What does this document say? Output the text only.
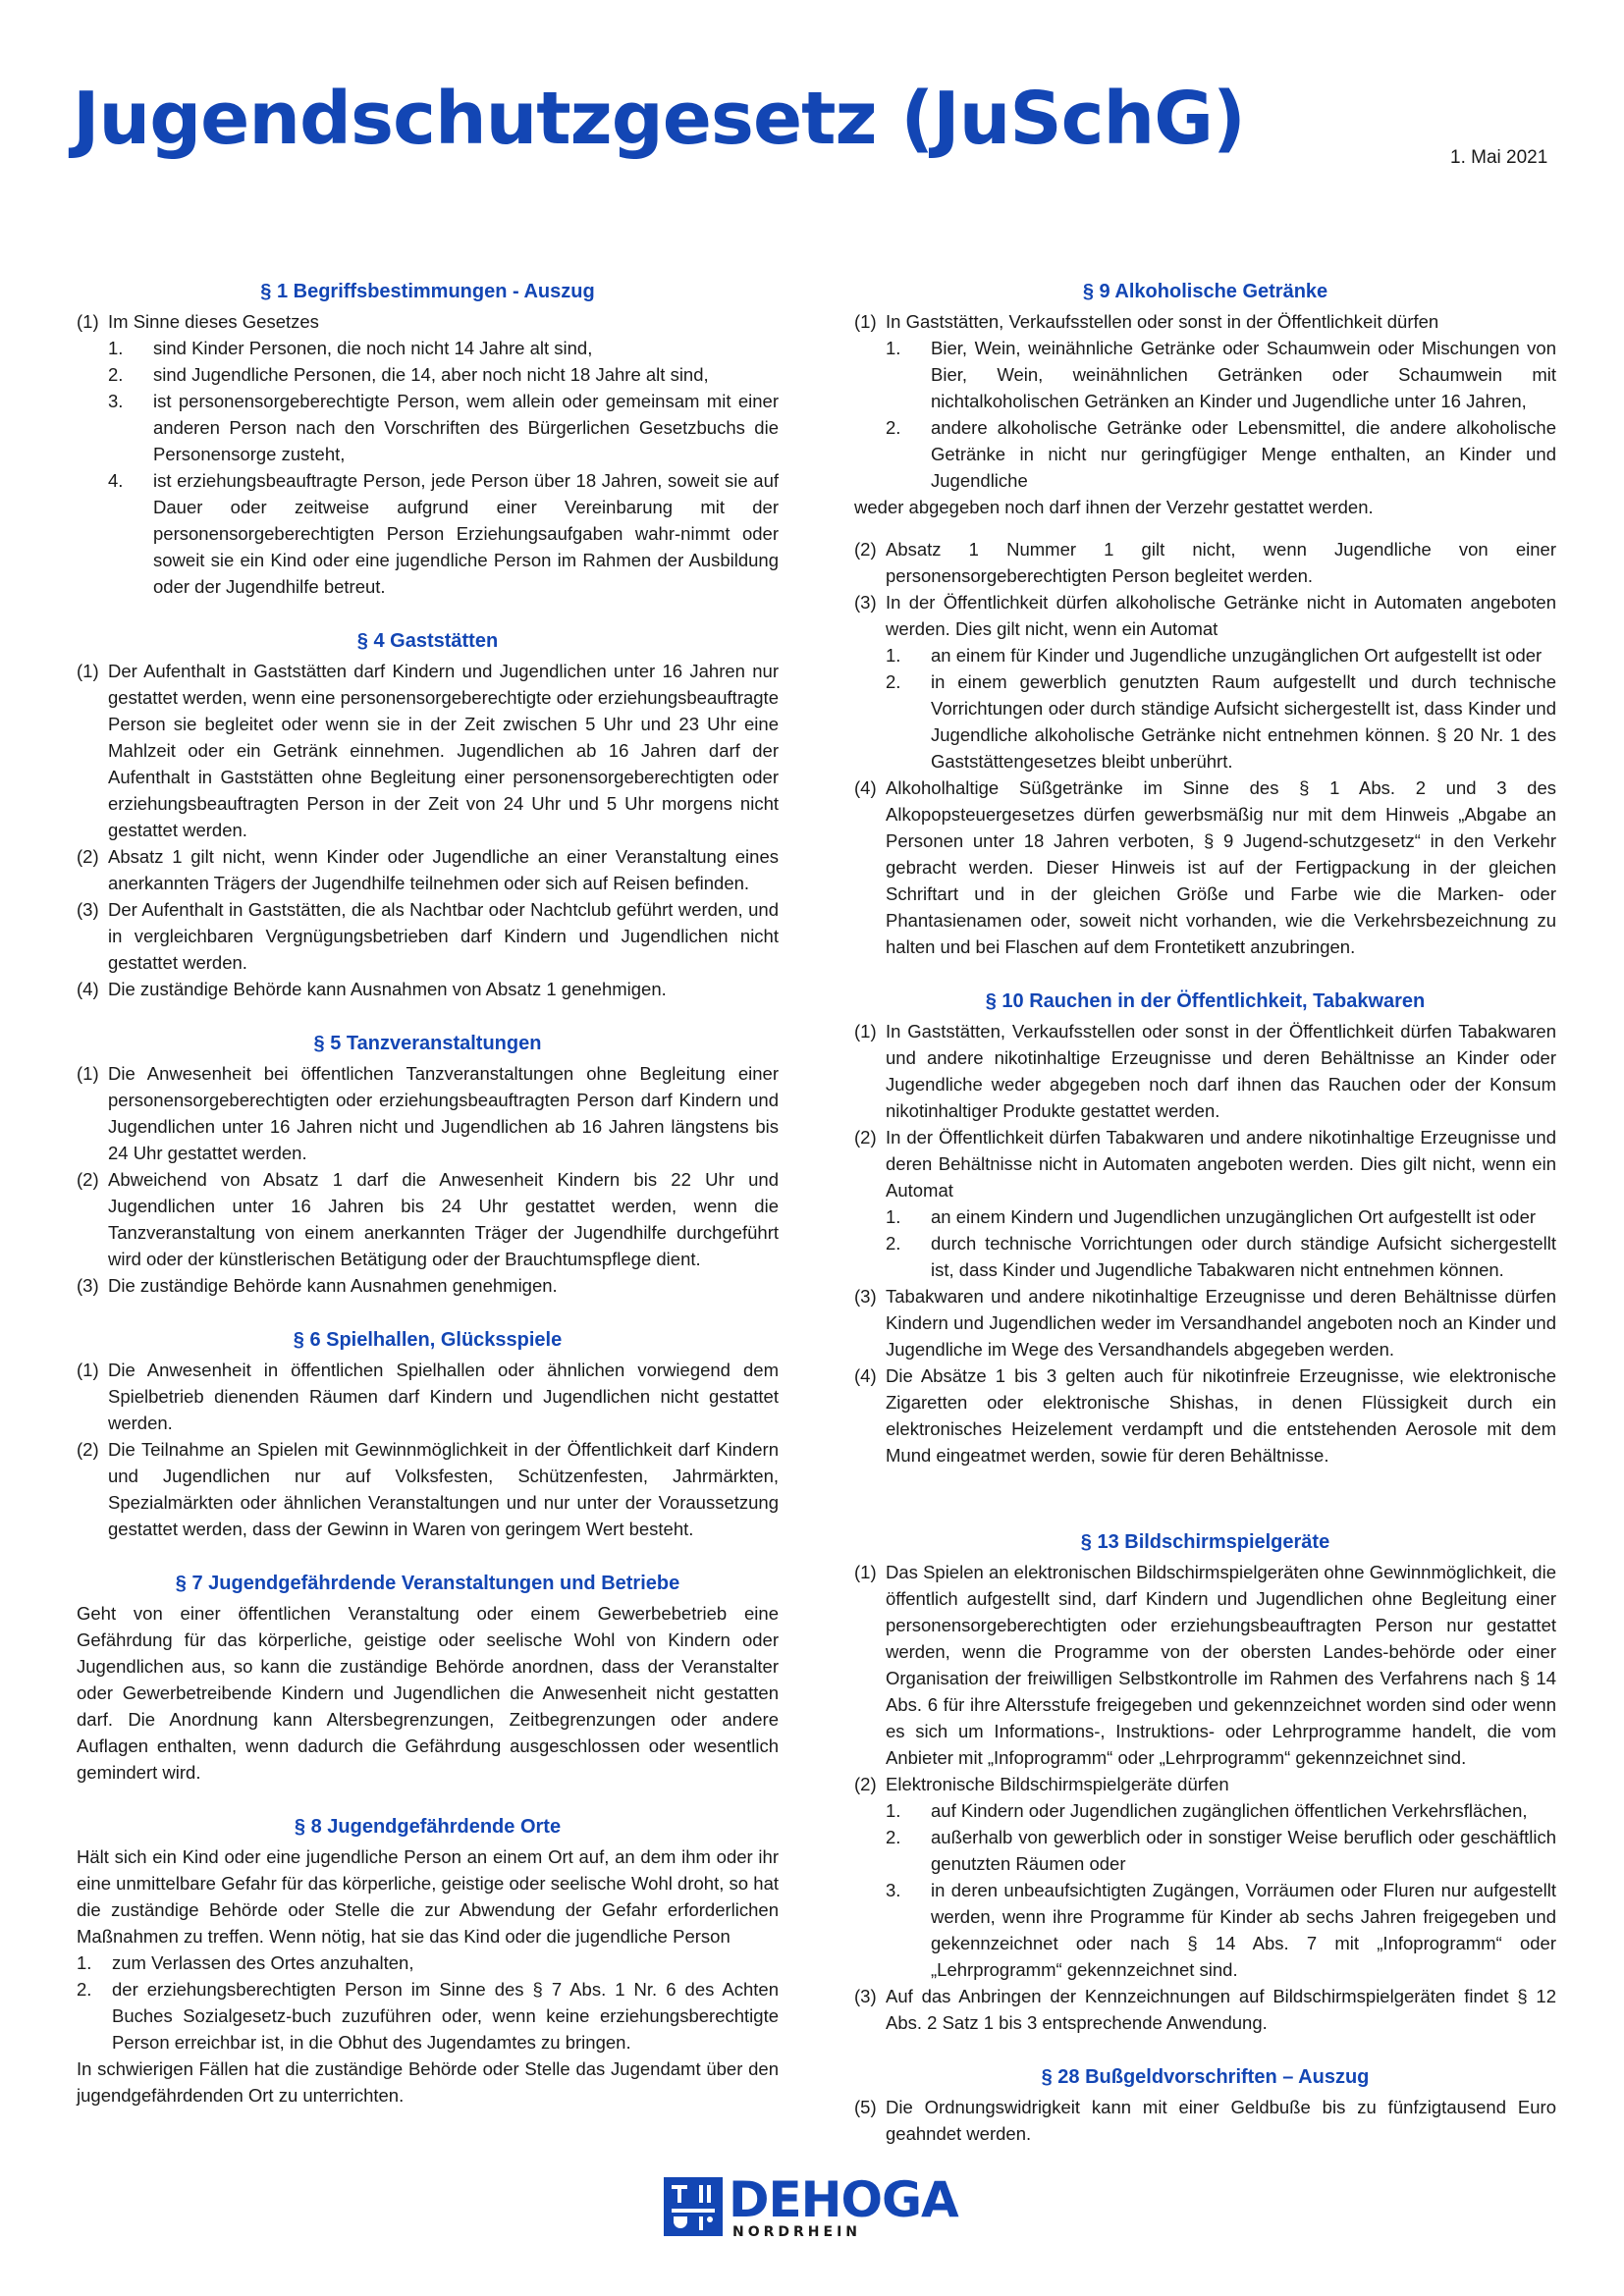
Jugendschutzgesetz (JuSchG)	1. Mai 2021
§ 1 Begriffsbestimmungen - Auszug
(1) Im Sinne dieses Gesetzes
1.	sind Kinder Personen, die noch nicht 14 Jahre alt sind,
2.	sind Jugendliche Personen, die 14, aber noch nicht 18 Jahre alt sind,
3.	ist personensorgeberechtigte Person, wem allein oder gemeinsam mit einer anderen Person nach den Vorschriften des Bürgerlichen Gesetzbuchs die Personensorge zusteht,
4.	ist erziehungsbeauftragte Person, jede Person über 18 Jahren, soweit sie auf Dauer oder zeitweise aufgrund einer Vereinbarung mit der personensorgeberechtigten Person Erziehungsaufgaben wahr-nimmt oder soweit sie ein Kind oder eine jugendliche Person im Rahmen der Ausbildung oder der Jugendhilfe betreut.
§ 4 Gaststätten
(1) Der Aufenthalt in Gaststätten darf Kindern und Jugendlichen unter 16 Jahren nur gestattet werden, wenn eine personensorgeberechtigte oder erziehungsbeauftragte Person sie begleitet oder wenn sie in der Zeit zwischen 5 Uhr und 23 Uhr eine Mahlzeit oder ein Getränk einnehmen. Jugendlichen ab 16 Jahren darf der Aufenthalt in Gaststätten ohne Begleitung einer personensorgeberechtigten oder erziehungsbeauftragten Person in der Zeit von 24 Uhr und 5 Uhr morgens nicht gestattet werden.
(2) Absatz 1 gilt nicht, wenn Kinder oder Jugendliche an einer Veranstaltung eines anerkannten Trägers der Jugendhilfe teilnehmen oder sich auf Reisen befinden.
(3) Der Aufenthalt in Gaststätten, die als Nachtbar oder Nachtclub geführt werden, und in vergleichbaren Vergnügungsbetrieben darf Kindern und Jugendlichen nicht gestattet werden.
(4) Die zuständige Behörde kann Ausnahmen von Absatz 1 genehmigen.
§ 5 Tanzveranstaltungen
(1) Die Anwesenheit bei öffentlichen Tanzveranstaltungen ohne Begleitung einer personensorgeberechtigten oder erziehungsbeauftragten Person darf Kindern und Jugendlichen unter 16 Jahren nicht und Jugendlichen ab 16 Jahren längstens bis 24 Uhr gestattet werden.
(2) Abweichend von Absatz 1 darf die Anwesenheit Kindern bis 22 Uhr und Jugendlichen unter 16 Jahren bis 24 Uhr gestattet werden, wenn die Tanzveranstaltung von einem anerkannten Träger der Jugendhilfe durchgeführt wird oder der künstlerischen Betätigung oder der Brauchtumspflege dient.
(3) Die zuständige Behörde kann Ausnahmen genehmigen.
§ 6 Spielhallen, Glücksspiele
(1) Die Anwesenheit in öffentlichen Spielhallen oder ähnlichen vorwiegend dem Spielbetrieb dienenden Räumen darf Kindern und Jugendlichen nicht gestattet werden.
(2) Die Teilnahme an Spielen mit Gewinnmöglichkeit in der Öffentlichkeit darf Kindern und Jugendlichen nur auf Volksfesten, Schützenfesten, Jahrmärkten, Spezialmärkten oder ähnlichen Veranstaltungen und nur unter der Voraussetzung gestattet werden, dass der Gewinn in Waren von geringem Wert besteht.
§ 7 Jugendgefährdende Veranstaltungen und Betriebe
Geht von einer öffentlichen Veranstaltung oder einem Gewerbebetrieb eine Gefährdung für das körperliche, geistige oder seelische Wohl von Kindern oder Jugendlichen aus, so kann die zuständige Behörde anordnen, dass der Veranstalter oder Gewerbetreibende Kindern und Jugendlichen die Anwesenheit nicht gestatten darf. Die Anordnung kann Altersbegrenzungen, Zeitbegrenzungen oder andere Auflagen enthalten, wenn dadurch die Gefährdung ausgeschlossen oder wesentlich gemindert wird.
§ 8 Jugendgefährdende Orte
Hält sich ein Kind oder eine jugendliche Person an einem Ort auf, an dem ihm oder ihr eine unmittelbare Gefahr für das körperliche, geistige oder seelische Wohl droht, so hat die zuständige Behörde oder Stelle die zur Abwendung der Gefahr erforderlichen Maßnahmen zu treffen. Wenn nötig, hat sie das Kind oder die jugendliche Person
1.	zum Verlassen des Ortes anzuhalten,
2.	der erziehungsberechtigten Person im Sinne des § 7 Abs. 1 Nr. 6 des Achten Buches Sozialgesetz-buch zuzuführen oder, wenn keine erziehungsberechtigte Person erreichbar ist, in die Obhut des Jugendamtes zu bringen.
In schwierigen Fällen hat die zuständige Behörde oder Stelle das Jugendamt über den jugendgefährdenden Ort zu unterrichten.
§ 9 Alkoholische Getränke
(1) In Gaststätten, Verkaufsstellen oder sonst in der Öffentlichkeit dürfen
1.	Bier, Wein, weinähnliche Getränke oder Schaumwein oder Mischungen von Bier, Wein, weinähnlichen Getränken oder Schaumwein mit nichtalkoholischen Getränken an Kinder und Jugendliche unter 16 Jahren,
2.	andere alkoholische Getränke oder Lebensmittel, die andere alkoholische Getränke in nicht nur geringfügiger Menge enthalten, an Kinder und Jugendliche
weder abgegeben noch darf ihnen der Verzehr gestattet werden.
(2) Absatz 1 Nummer 1 gilt nicht, wenn Jugendliche von einer personensorgeberechtigten Person begleitet werden.
(3) In der Öffentlichkeit dürfen alkoholische Getränke nicht in Automaten angeboten werden. Dies gilt nicht, wenn ein Automat
1.	an einem für Kinder und Jugendliche unzugänglichen Ort aufgestellt ist oder
2.	in einem gewerblich genutzten Raum aufgestellt und durch technische Vorrichtungen oder durch ständige Aufsicht sichergestellt ist, dass Kinder und Jugendliche alkoholische Getränke nicht entnehmen können. § 20 Nr. 1 des Gaststättengesetzes bleibt unberührt.
(4) Alkoholhaltige Süßgetränke im Sinne des § 1 Abs. 2 und 3 des Alkopopsteuergesetzes dürfen gewerbsmäßig nur mit dem Hinweis „Abgabe an Personen unter 18 Jahren verboten, § 9 Jugend-schutzgesetz“ in den Verkehr gebracht werden. Dieser Hinweis ist auf der Fertigpackung in der gleichen Schriftart und in der gleichen Größe und Farbe wie die Marken- oder Phantasienamen oder, soweit nicht vorhanden, wie die Verkehrsbezeichnung zu halten und bei Flaschen auf dem Frontetikett anzubringen.
§ 10 Rauchen in der Öffentlichkeit, Tabakwaren
(1) In Gaststätten, Verkaufsstellen oder sonst in der Öffentlichkeit dürfen Tabakwaren und andere nikotinhaltige Erzeugnisse und deren Behältnisse an Kinder oder Jugendliche weder abgegeben noch darf ihnen das Rauchen oder der Konsum nikotinhaltiger Produkte gestattet werden.
(2) In der Öffentlichkeit dürfen Tabakwaren und andere nikotinhaltige Erzeugnisse und deren Behältnisse nicht in Automaten angeboten werden. Dies gilt nicht, wenn ein Automat
1.	an einem Kindern und Jugendlichen unzugänglichen Ort aufgestellt ist oder
2.	durch technische Vorrichtungen oder durch ständige Aufsicht sichergestellt ist, dass Kinder und Jugendliche Tabakwaren nicht entnehmen können.
(3) Tabakwaren und andere nikotinhaltige Erzeugnisse und deren Behältnisse dürfen Kindern und Jugendlichen weder im Versandhandel angeboten noch an Kinder und Jugendliche im Wege des Versandhandels abgegeben werden.
(4) Die Absätze 1 bis 3 gelten auch für nikotinfreie Erzeugnisse, wie elektronische Zigaretten oder elektronische Shishas, in denen Flüssigkeit durch ein elektronisches Heizelement verdampft und die entstehenden Aerosole mit dem Mund eingeatmet werden, sowie für deren Behältnisse.
§ 13 Bildschirmspielgeräte
(1) Das Spielen an elektronischen Bildschirmspielgeräten ohne Gewinnmöglichkeit, die öffentlich aufgestellt sind, darf Kindern und Jugendlichen ohne Begleitung einer personensorgeberechtigten oder erziehungsbeauftragten Person nur gestattet werden, wenn die Programme von der obersten Landes-behörde oder einer Organisation der freiwilligen Selbstkontrolle im Rahmen des Verfahrens nach § 14 Abs. 6 für ihre Altersstufe freigegeben und gekennzeichnet worden sind oder wenn es sich um Informations-, Instruktions- oder Lehrprogramme handelt, die vom Anbieter mit „Infoprogramm“ oder „Lehrprogramm“ gekennzeichnet sind.
(2) Elektronische Bildschirmspielgeräte dürfen
1.	auf Kindern oder Jugendlichen zugänglichen öffentlichen Verkehrsflächen,
2.	außerhalb von gewerblich oder in sonstiger Weise beruflich oder geschäftlich genutzten Räumen oder
3.	in deren unbeaufsichtigten Zugängen, Vorräumen oder Fluren nur aufgestellt werden, wenn ihre Programme für Kinder ab sechs Jahren freigegeben und gekennzeichnet oder nach § 14 Abs. 7 mit „Infoprogramm“ oder „Lehrprogramm“ gekennzeichnet sind.
(3) Auf das Anbringen der Kennzeichnungen auf Bildschirmspielgeräten findet § 12 Abs. 2 Satz 1 bis 3 entsprechende Anwendung.
§ 28 Bußgeldvorschriften – Auszug
(5) Die Ordnungswidrigkeit kann mit einer Geldbuße bis zu fünfzigtausend Euro geahndet werden.
DEHOGA
NORDRHEIN
